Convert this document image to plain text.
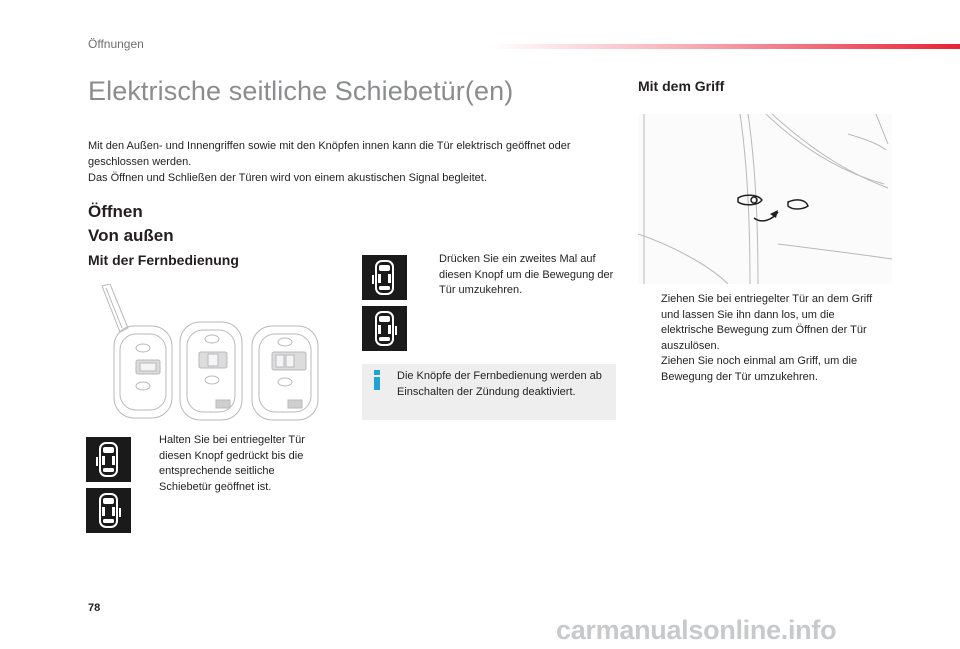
Öffnungen
Elektrische seitliche Schiebetür(en)

Mit den Außen- und Innengriffen sowie mit den Knöpfen innen kann die Tür elektrisch geöffnet oder geschlossen werden.

Das Öffnen und Schließen der Türen wird von einem akustischen Signal begleitet.

Öffnen
Von außen
Mit der Fernbedienung
Halten Sie bei entriegelter Tür diesen Knopf gedrückt bis die entsprechende seitliche Schiebetür geöffnet ist.
Drücken Sie ein zweites Mal auf diesen Knopf um die Bewegung der Tür umzukehren.
Die Knöpfe der Fernbedienung werden ab Einschalten der Zündung deaktiviert.
Mit dem Griff
Ziehen Sie bei entriegelter Tür an dem Griff und lassen Sie ihn dann los, um die elektrische Bewegung zum Öffnen der Tür auszulösen.
Ziehen Sie noch einmal am Griff, um die Bewegung der Tür umzukehren.
78
carmanualsonline.info
